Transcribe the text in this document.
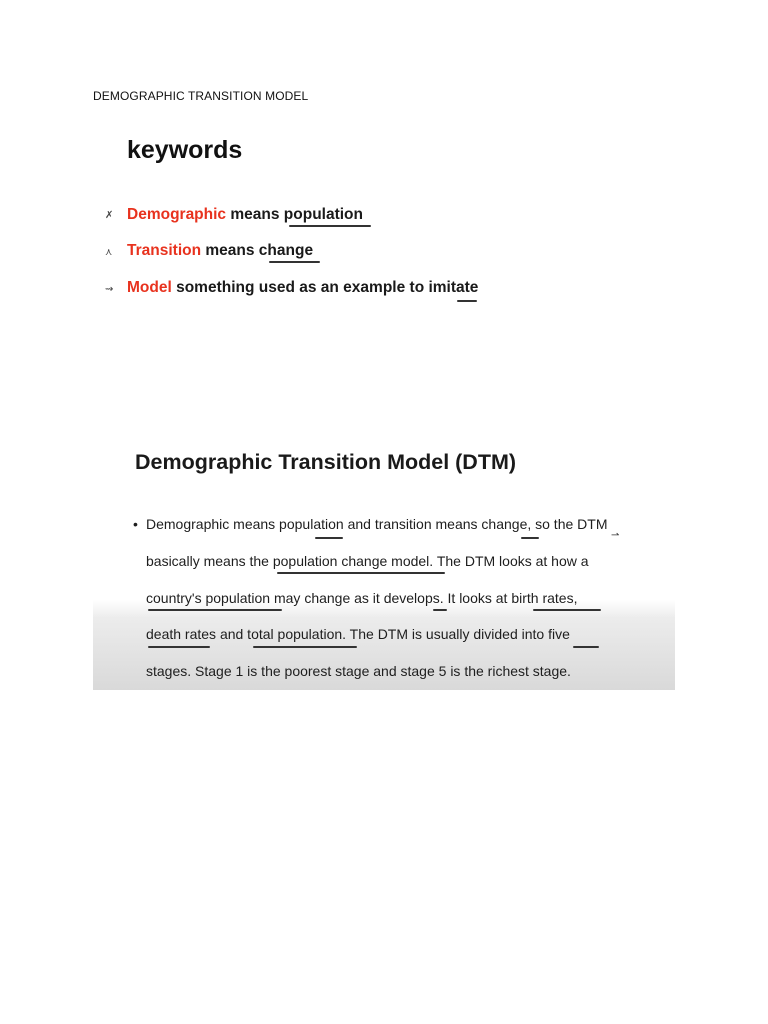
DEMOGRAPHIC TRANSITION MODEL
keywords
✗ Demographic means population
⋏ Transition means change
⇝ Model something used as an example to imitate
Demographic Transition Model (DTM)
• Demographic means population and transition means change, so the DTM
⇀
basically means the population change model. The DTM looks at how a
country's population may change as it develops. It looks at birth rates,
death rates and total population. The DTM is usually divided into five
stages. Stage 1 is the poorest stage and stage 5 is the richest stage.
